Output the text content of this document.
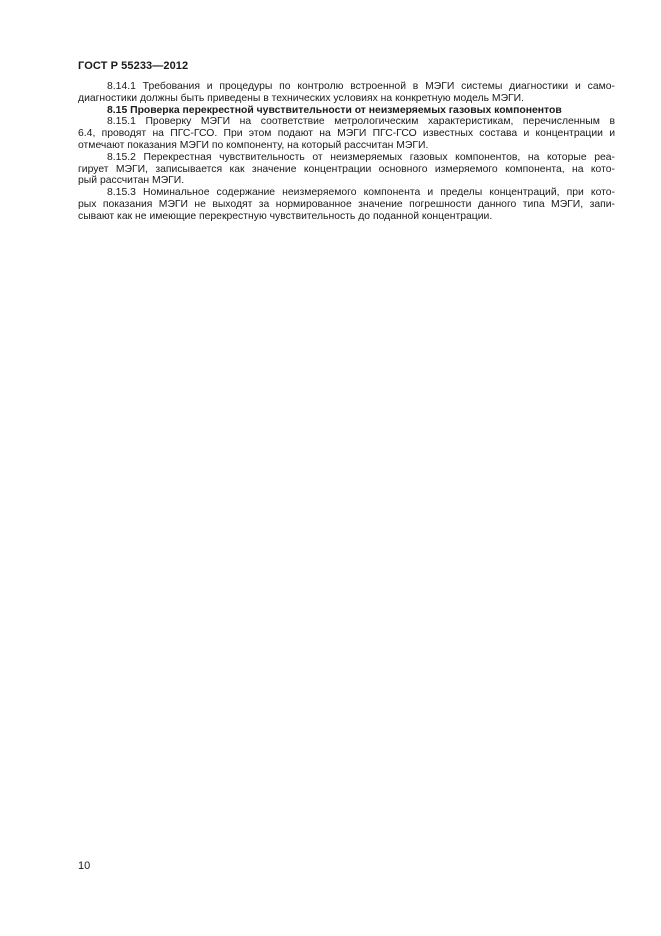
ГОСТ Р 55233—2012

8.14.1 Требования и процедуры по контролю встроенной в МЭГИ системы диагностики и само-
диагностики должны быть приведены в технических условиях на конкретную модель МЭГИ.

8.15 Проверка перекрестной чувствительности от неизмеряемых газовых компонентов

8.15.1 Проверку МЭГИ на соответствие метрологическим характеристикам, перечисленным в
6.4, проводят на ПГС-ГСО. При этом подают на МЭГИ ПГС-ГСО известных состава и концентрации и
отмечают показания МЭГИ по компоненту, на который рассчитан МЭГИ.

8.15.2 Перекрестная чувствительность от неизмеряемых газовых компонентов, на которые реа-
гирует МЭГИ, записывается как значение концентрации основного измеряемого компонента, на кото-
рый рассчитан МЭГИ.

8.15.3 Номинальное содержание неизмеряемого компонента и пределы концентраций, при кото-
рых показания МЭГИ не выходят за нормированное значение погрешности данного типа МЭГИ, запи-
сывают как не имеющие перекрестную чувствительность до поданной концентрации.

10
